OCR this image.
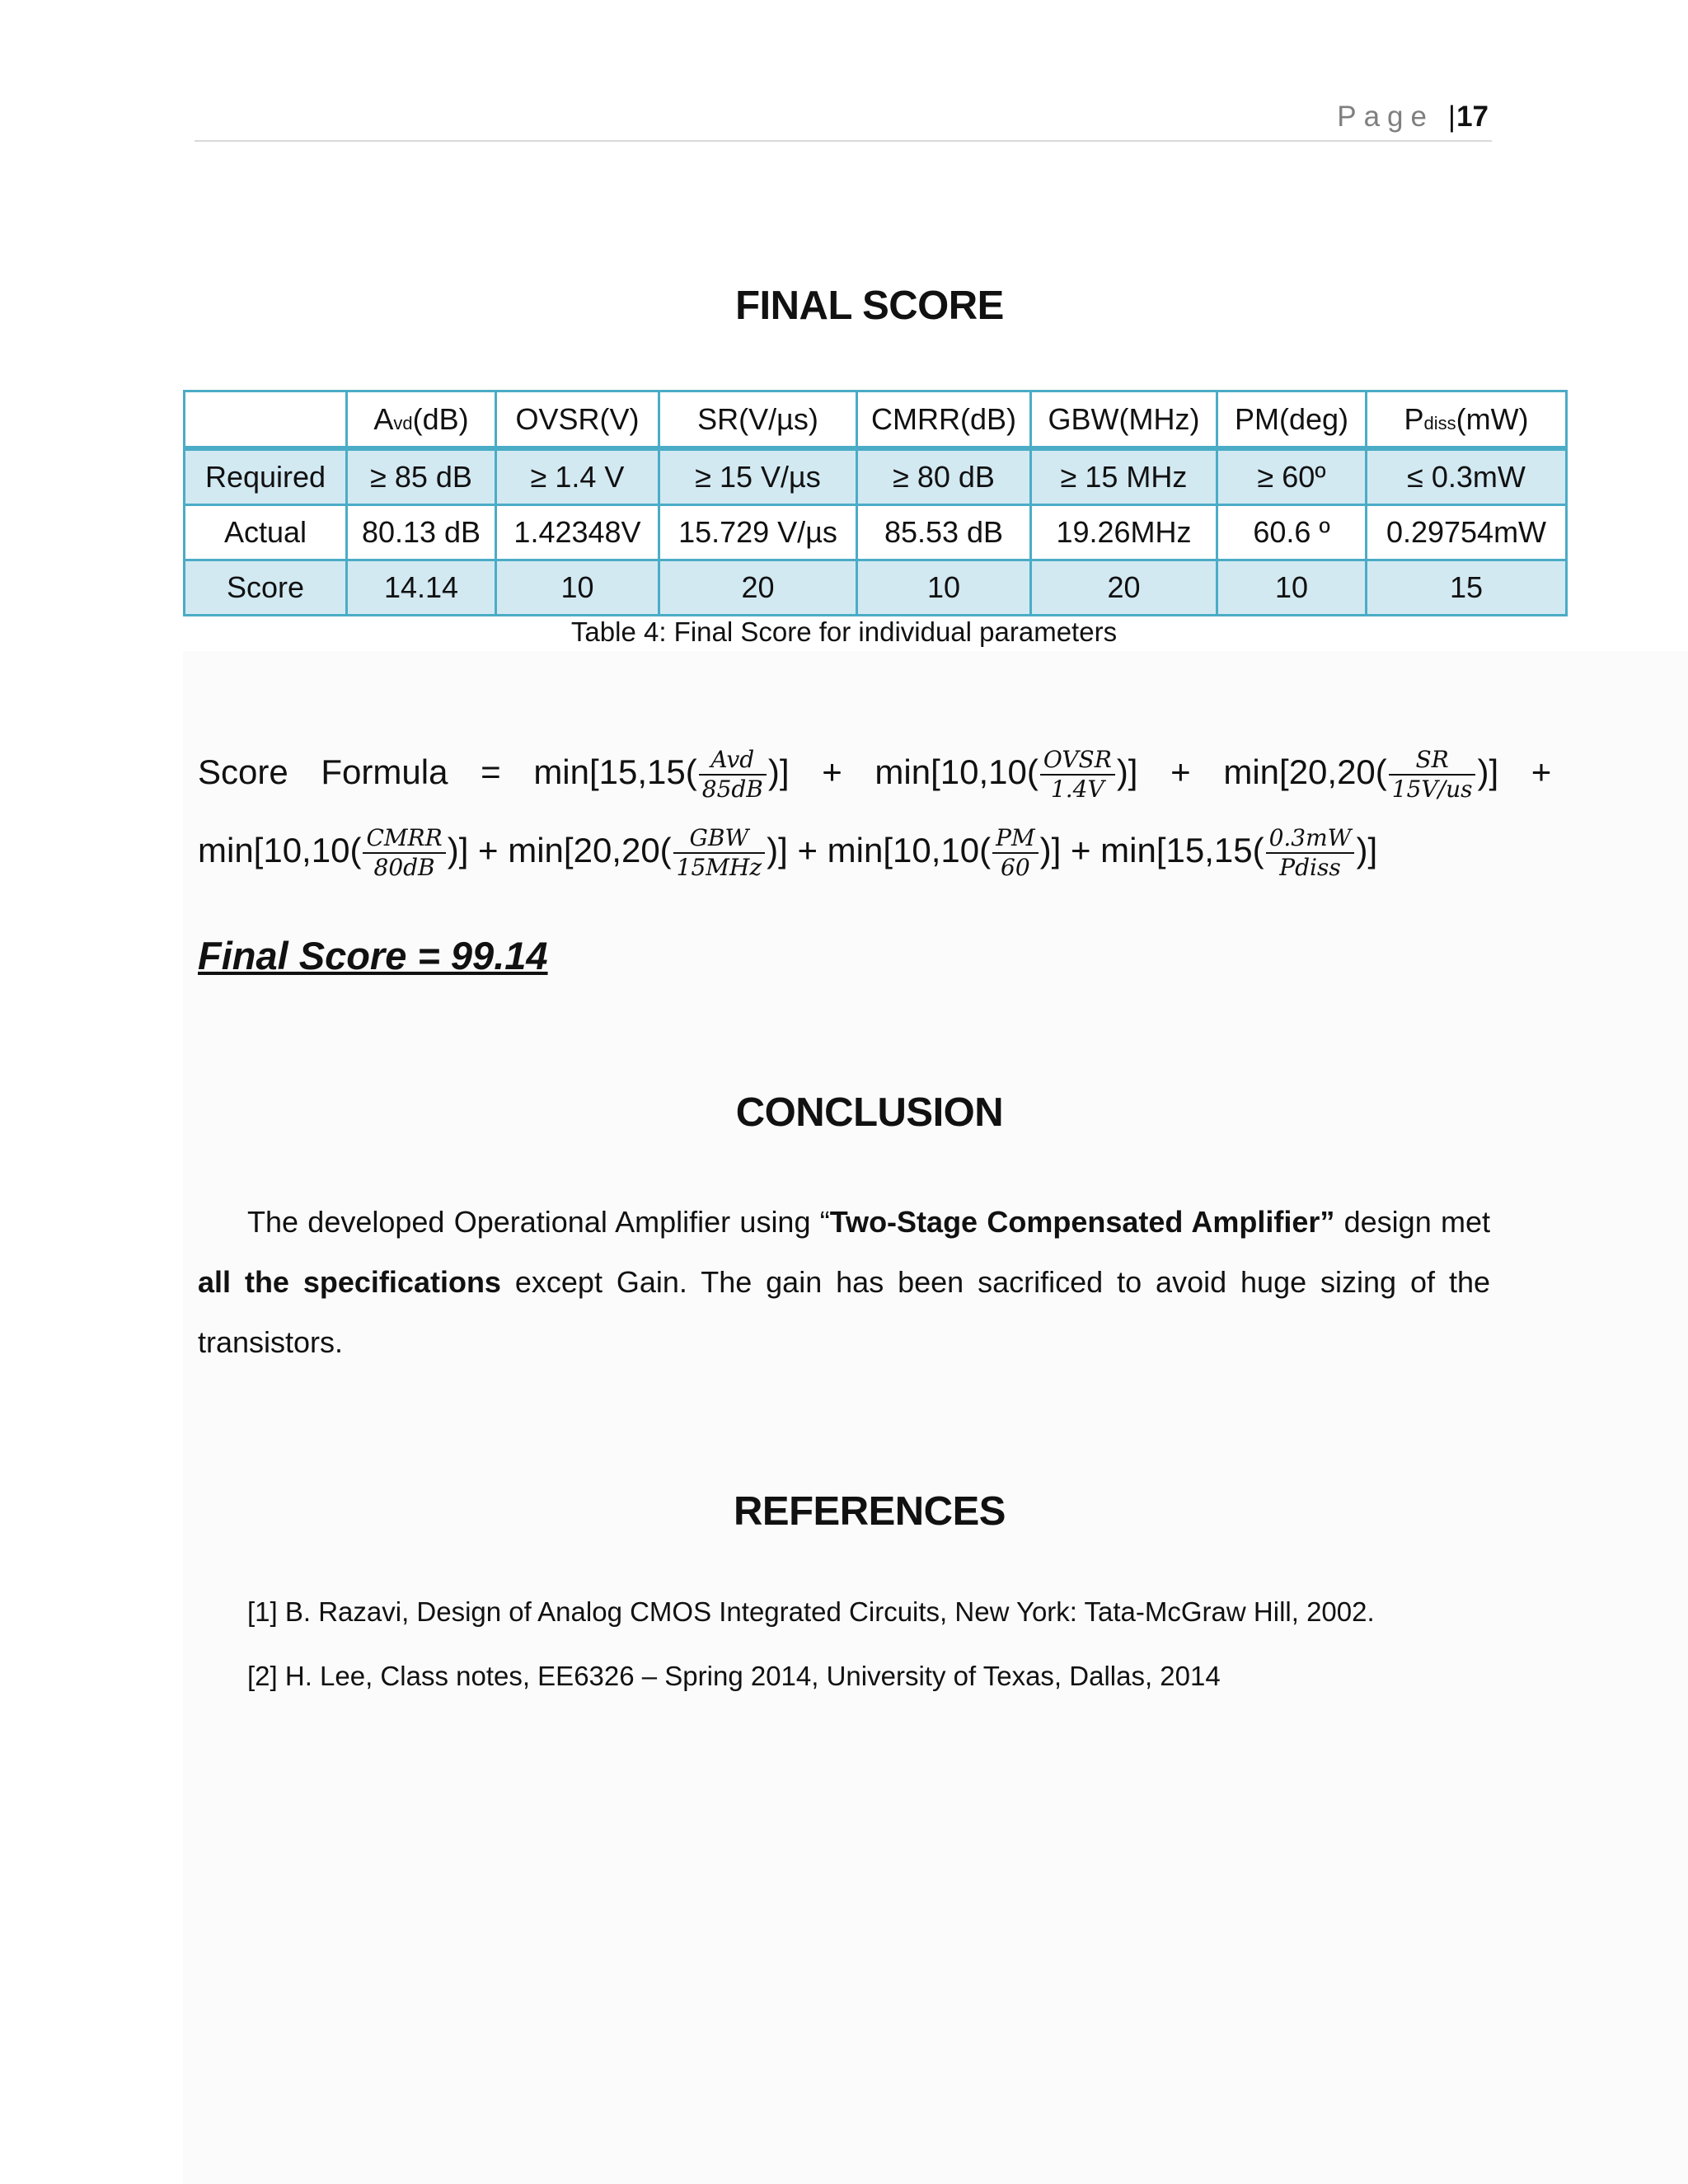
Page | 17
FINAL SCORE
	Avd(dB)	OVSR(V)	SR(V/µs)	CMRR(dB)	GBW(MHz)	PM(deg)	Pdiss(mW)
Required	≥ 85 dB	≥ 1.4 V	≥ 15 V/µs	≥ 80 dB	≥ 15 MHz	≥ 60º	≤ 0.3mW
Actual	80.13 dB	1.42348V	15.729 V/µs	85.53 dB	19.26MHz	60.6 º	0.29754mW
Score	14.14	10	20	10	20	10	15
Table 4: Final Score for individual parameters
Score Formula = $\min[15,15( \frac{\text{Avd}}{85dB}$ )] + $\min[10,10( \frac{\text{OVSR}}{1.4V}$ )] + $\min[20,20( \frac{SR}{15V/us}$ )] +
$\min[10,10( \frac{\text{CMRR}}{80dB}$ )] + $\min[20,20( \frac{\text{GBW}}{\text{15MHz}}$ )] + $\min[10,10( \frac{PM}{60}$ )] + $\min[15,15( \frac{0.3mW}{\text{Pdiss}}$ )]
Final Score = 99.14
CONCLUSION
The developed Operational Amplifier using “Two-Stage Compensated Amplifier” design met all the specifications except Gain. The gain has been sacrificed to avoid huge sizing of the transistors.
REFERENCES
[1] B. Razavi, Design of Analog CMOS Integrated Circuits, New York: Tata-McGraw Hill, 2002.
[2] H. Lee, Class notes, EE6326 – Spring 2014, University of Texas, Dallas, 2014
